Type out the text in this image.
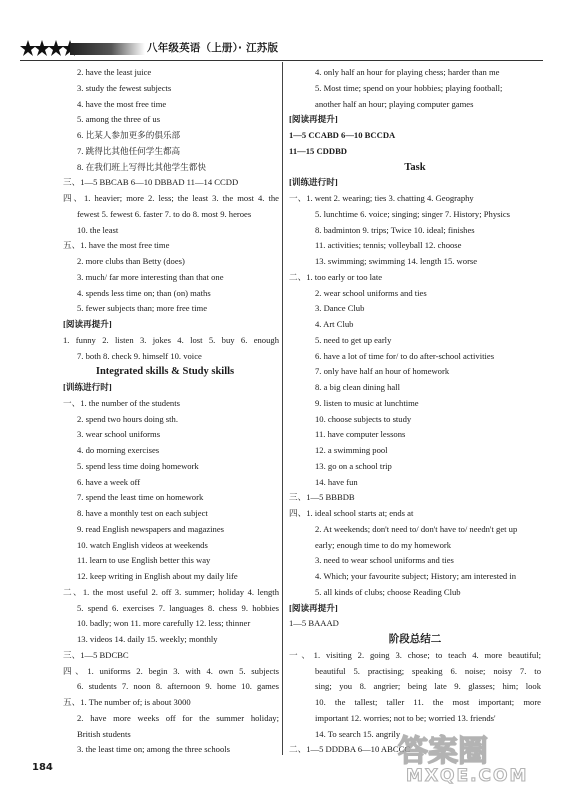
八年级英语（上册）· 江苏版
2. have the least juice
3. study the fewest subjects
4. have the most free time
5. among the three of us
6. 比某人参加更多的俱乐部
7. 跳得比其他任何学生都高
8. 在我们班上写得比其他学生都快
三、1—5 BBCAB 6—10 DBBAD 11—14 CCDD
四、1. heavier; more 2. less; the least 3. the most 4. the
fewest 5. fewest 6. faster 7. to do 8. most 9. heroes
10. the least
五、1. have the most free time
2. more clubs than Betty (does)
3. much/ far more interesting than that one
4. spends less time on; than (on) maths
5. fewer subjects than; more free time
[阅读再提升]
1. funny 2. listen 3. jokes 4. lost 5. buy 6. enough
7. both 8. check 9. himself 10. voice
Integrated skills & Study skills
[训练进行时]
一、1. the number of the students
2. spend two hours doing sth.
3. wear school uniforms
4. do morning exercises
5. spend less time doing homework
6. have a week off
7. spend the least time on homework
8. have a monthly test on each subject
9. read English newspapers and magazines
10. watch English videos at weekends
11. learn to use English better this way
12. keep writing in English about my daily life
二、1. the most useful 2. off 3. summer; holiday 4. length
5. spend 6. exercises 7. languages 8. chess 9. hobbies
10. badly; won 11. more carefully 12. less; thinner
13. videos 14. daily 15. weekly; monthly
三、1—5 BDCBC
四、1. uniforms 2. begin 3. with 4. own 5. subjects
6. students 7. noon 8. afternoon 9. home 10. games
五、1. The number of; is about 3000
2. have more weeks off for the summer holiday;
British students
3. the least time on; among the three schools
4. only half an hour for playing chess; harder than me
5. Most time; spend on your hobbies; playing football;
another half an hour; playing computer games
[阅读再提升]
1—5 CCABD 6—10 BCCDA
11—15 CDDBD
Task
[训练进行时]
一、1. went 2. wearing; ties 3. chatting 4. Geography
5. lunchtime 6. voice; singing; singer 7. History; Physics
8. badminton 9. trips; Twice 10. ideal; finishes
11. activities; tennis; volleyball 12. choose
13. swimming; swimming 14. length 15. worse
二、1. too early or too late
2. wear school uniforms and ties
3. Dance Club
4. Art Club
5. need to get up early
6. have a lot of time for/ to do after-school activities
7. only have half an hour of homework
8. a big clean dining hall
9. listen to music at lunchtime
10. choose subjects to study
11. have computer lessons
12. a swimming pool
13. go on a school trip
14. have fun
三、1—5 BBBDB
四、1. ideal school starts at; ends at
2. At weekends; don't need to/ don't have to/ needn't get up
early; enough time to do my homework
3. need to wear school uniforms and ties
4. Which; your favourite subject; History; am interested in
5. all kinds of clubs; choose Reading Club
[阅读再提升]
1—5 BAAAD
阶段总结二
一、1. visiting 2. going 3. chose; to teach 4. more beautiful;
beautiful 5. practising; speaking 6. noise; noisy 7. to
sing; you 8. angrier; being late 9. glasses; him; look
10. the tallest; taller 11. the most important; more
important 12. worries; not to be; worried 13. friends'
14. To search 15. angrily
二、1—5 DDDBA 6—10 ABCCC
184	答案圈
MXQE.COM
